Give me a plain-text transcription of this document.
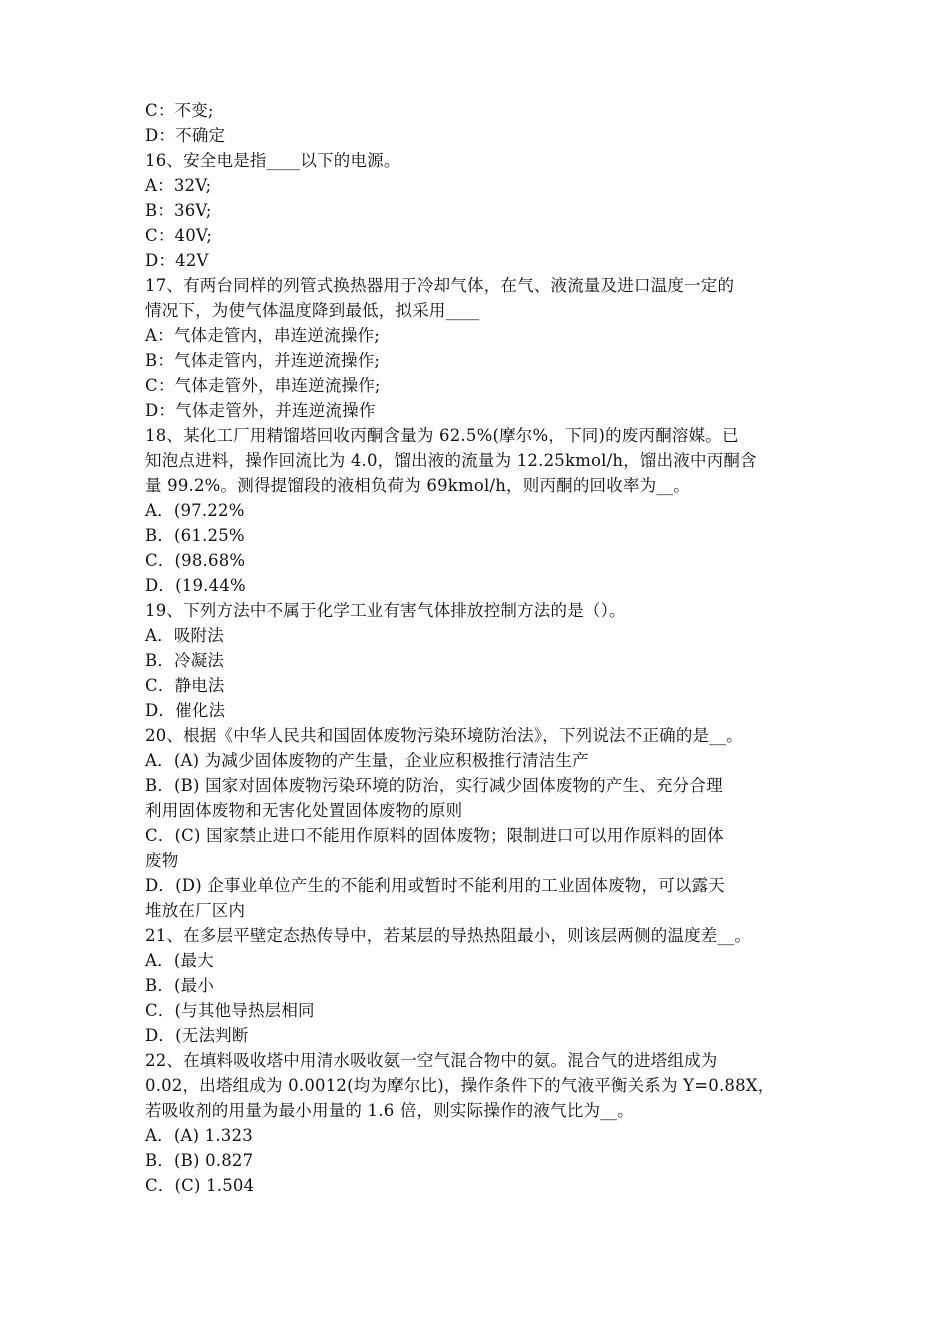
C：不变;
D：不确定
16、安全电是指____以下的电源。
A：32V;
B：36V;
C：40V;
D：42V
17、有两台同样的列管式换热器用于冷却气体，在气、液流量及进口温度一定的
情况下，为使气体温度降到最低，拟采用____
A：气体走管内，串连逆流操作;
B：气体走管内，并连逆流操作;
C：气体走管外，串连逆流操作;
D：气体走管外，并连逆流操作
18、某化工厂用精馏塔回收丙酮含量为 62.5%(摩尔%，下同)的废丙酮溶媒。已
知泡点进料，操作回流比为 4.0，馏出液的流量为 12.25kmol/h，馏出液中丙酮含
量 99.2%。测得提馏段的液相负荷为 69kmol/h，则丙酮的回收率为__。
A．(97.22%
B．(61.25%
C．(98.68%
D．(19.44%
19、下列方法中不属于化学工业有害气体排放控制方法的是（）。
A．吸附法
B．冷凝法
C．静电法
D．催化法
20、根据《中华人民共和国固体废物污染环境防治法》，下列说法不正确的是__。
A．(A) 为减少固体废物的产生量，企业应积极推行清洁生产
B．(B) 国家对固体废物污染环境的防治，实行减少固体废物的产生、充分合理
利用固体废物和无害化处置固体废物的原则
C．(C) 国家禁止进口不能用作原料的固体废物；限制进口可以用作原料的固体
废物
D．(D) 企事业单位产生的不能利用或暂时不能利用的工业固体废物，可以露天
堆放在厂区内
21、在多层平壁定态热传导中，若某层的导热热阻最小，则该层两侧的温度差__。
A．(最大
B．(最小
C．(与其他导热层相同
D．(无法判断
22、在填料吸收塔中用清水吸收氨一空气混合物中的氨。混合气的进塔组成为
0.02，出塔组成为 0.0012(均为摩尔比)，操作条件下的气液平衡关系为 Y=0.88X，
若吸收剂的用量为最小用量的 1.6 倍，则实际操作的液气比为__。
A．(A) 1.323
B．(B) 0.827
C．(C) 1.504
